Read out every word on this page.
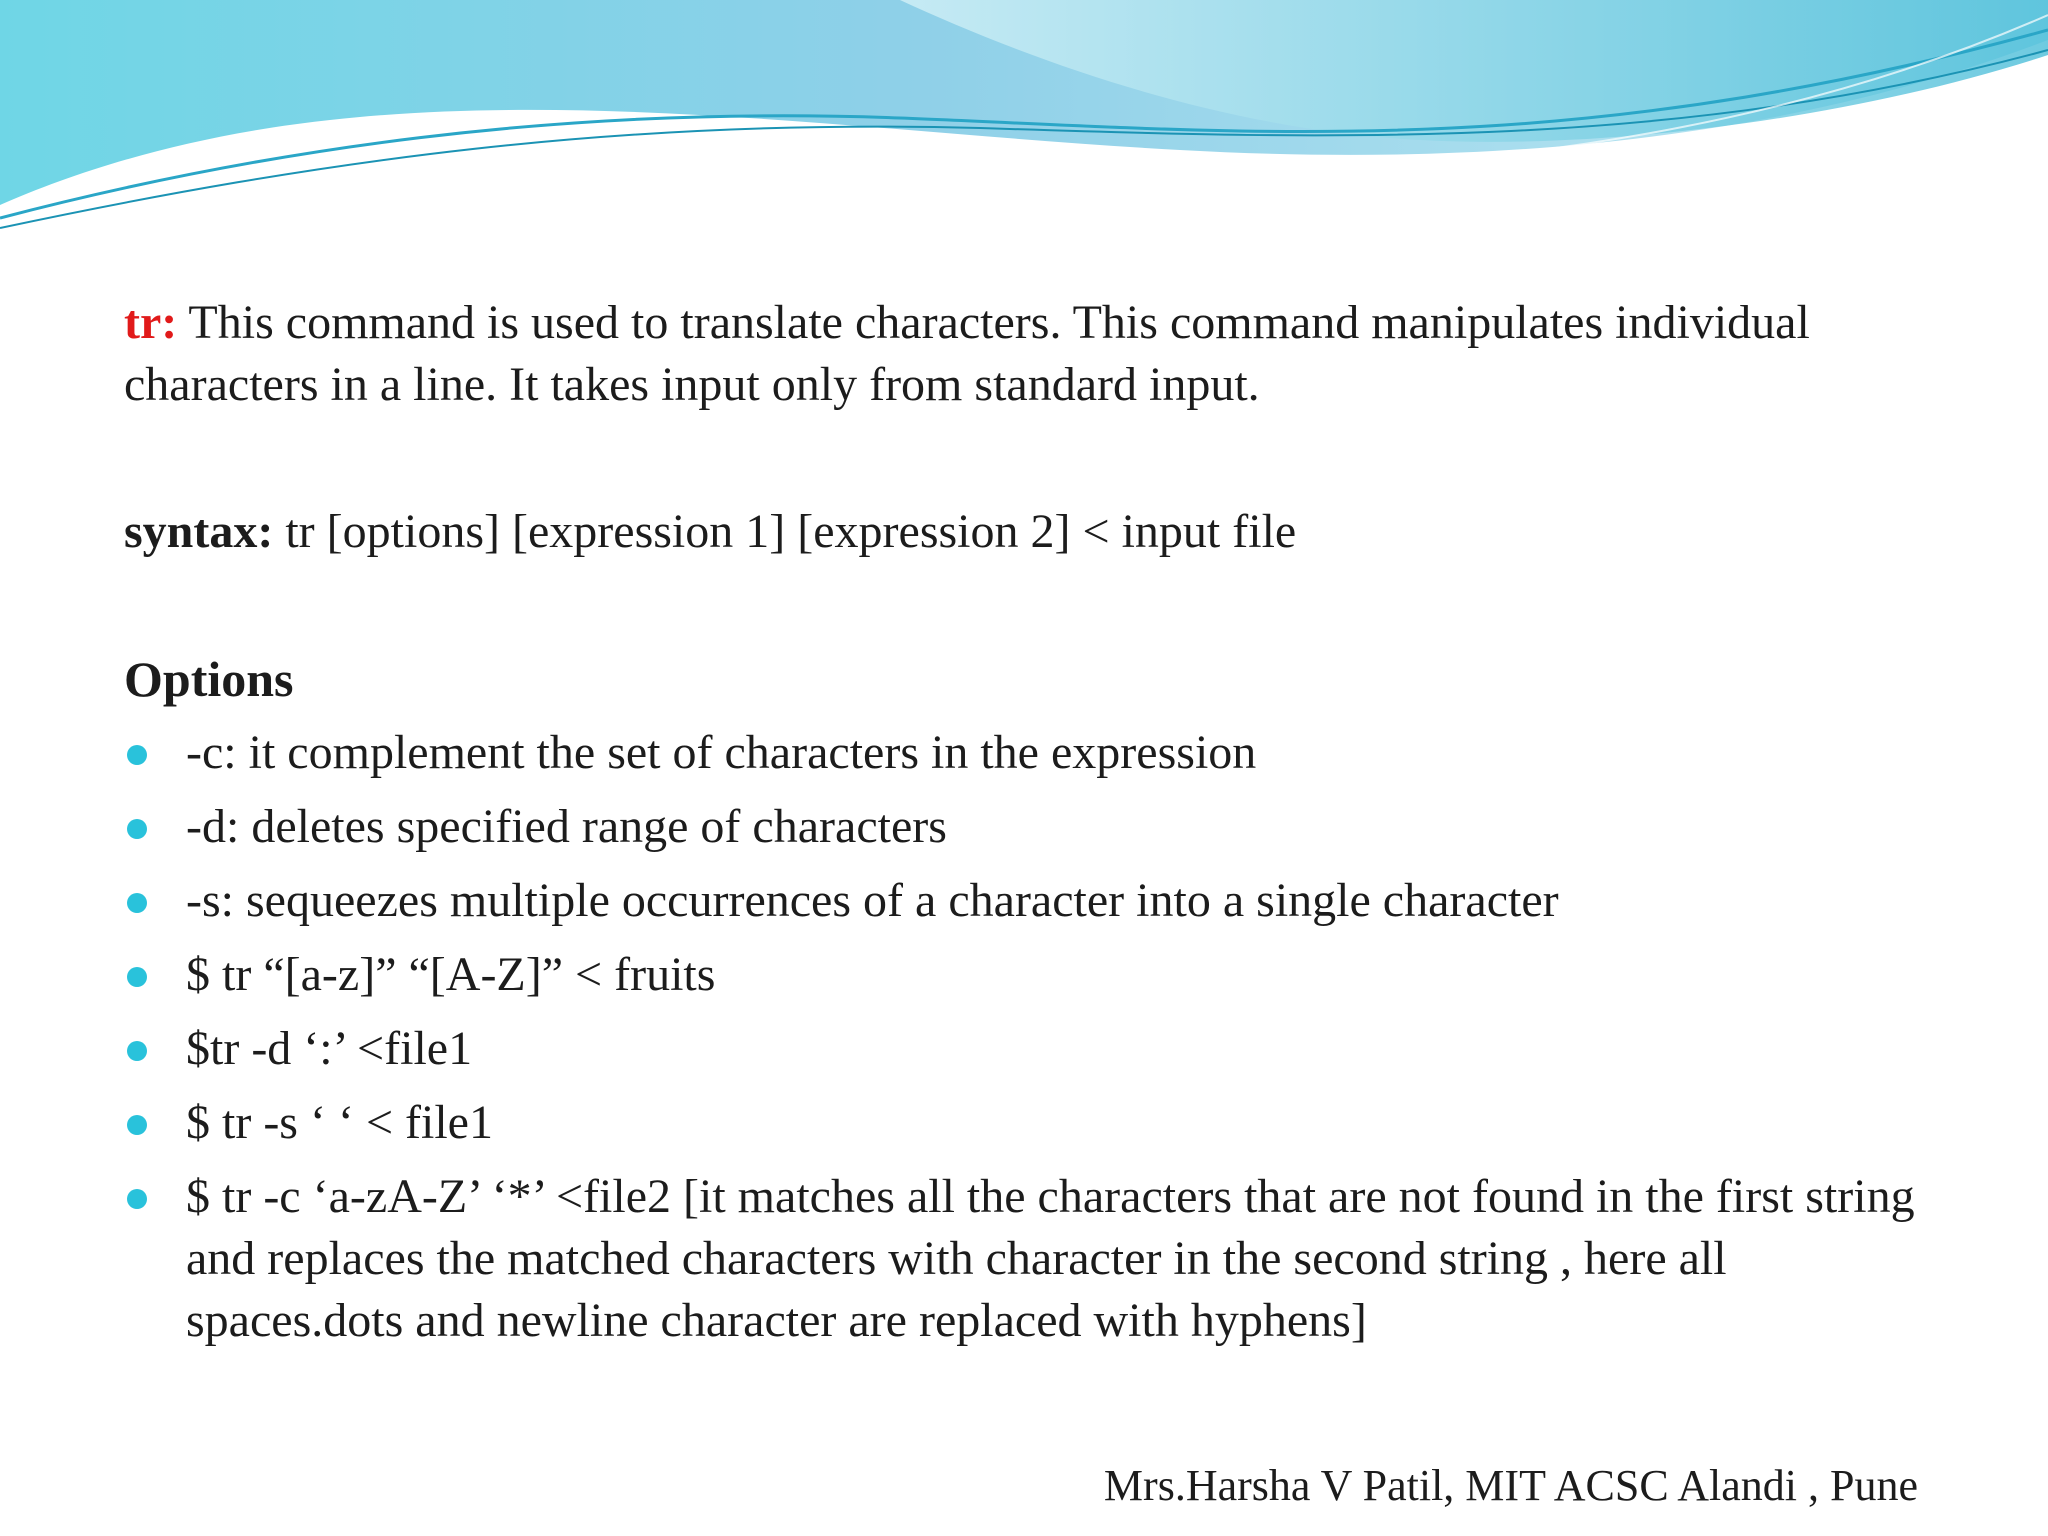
tr: This command is used to translate characters. This command manipulates individual characters in a line. It takes input only from standard input.

syntax: tr [options] [expression 1] [expression 2] < input file

Options
-c: it complement the set of characters in the expression
-d: deletes specified range of characters
-s: sequeezes multiple occurrences of a character into a single character
$ tr “[a-z]” “[A-Z]” < fruits
$tr -d ‘:’ <file1
$ tr -s ‘ ‘ < file1
$ tr -c ‘a-zA-Z’ ‘*’ <file2 [it matches all the characters that are not found in the first string and replaces the matched characters with character in the second string , here all spaces.dots and newline character are replaced with hyphens]
Mrs.Harsha V Patil, MIT ACSC Alandi , Pune
